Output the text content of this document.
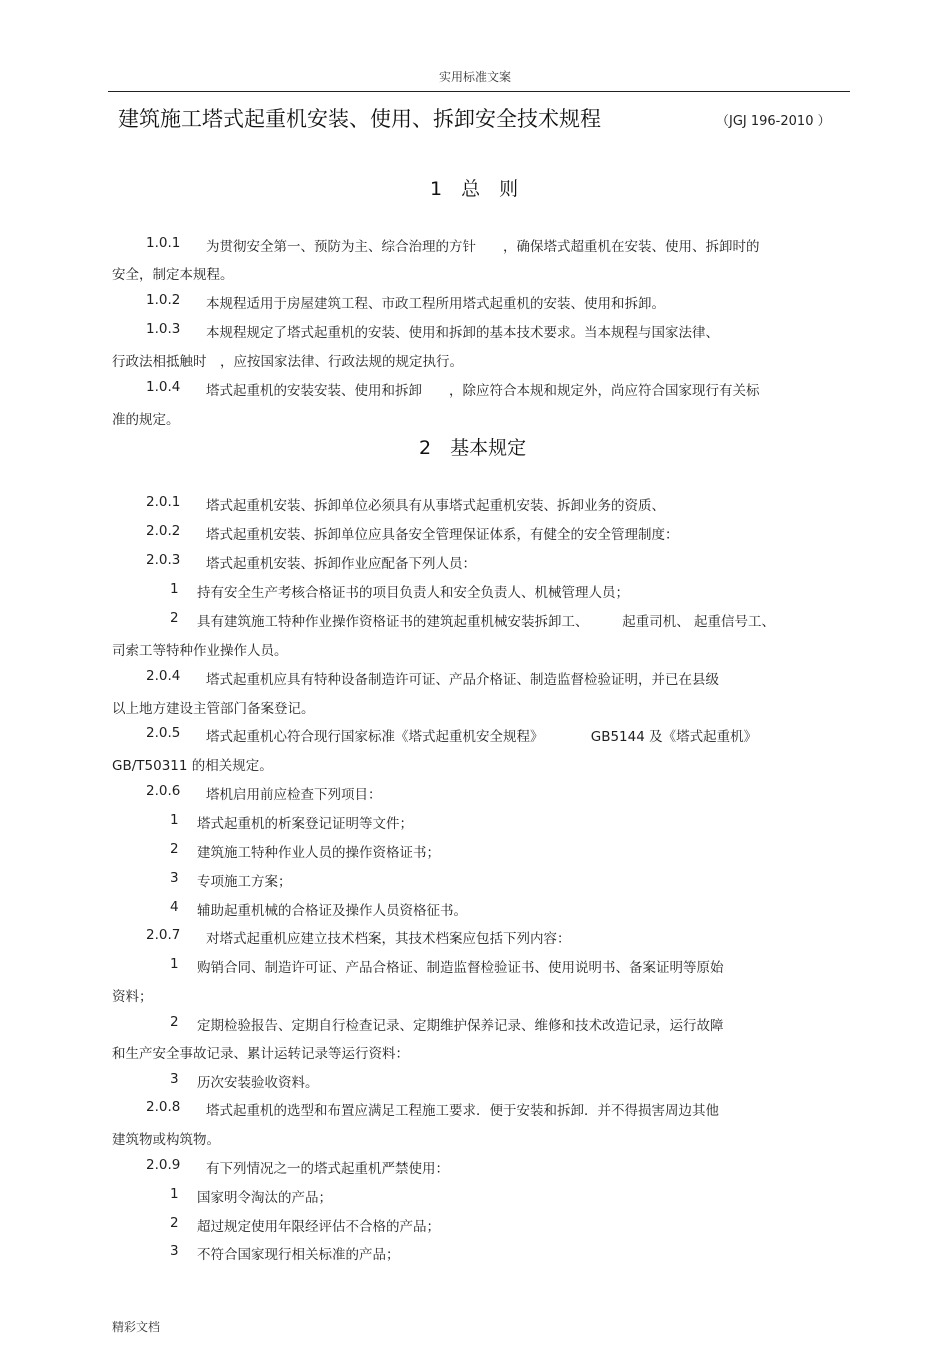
实用标准文案
建筑施工塔式起重机安装、使用、拆卸安全技术规程	（JGJ 196-2010 ）
1　总　则
2　基本规定
1.0.1 为贯彻安全第一、预防为主、综合治理的方针　　，确保塔式超重机在安装、使用、拆卸时的
安全，制定本规程。
1.0.2 本规程适用于房屋建筑工程、市政工程所用塔式起重机的安装、使用和拆卸。
1.0.3 本规程规定了塔式起重机的安装、使用和拆卸的基本技术要求。当本规程与国家法律、
行政法相抵触时　，应按国家法律、行政法规的规定执行。
1.0.4 塔式起重机的安装安装、使用和拆卸　　，除应符合本规和规定外，尚应符合国家现行有关标
准的规定。
2.0.1 塔式起重机安装、拆卸单位必须具有从事塔式起重机安装、拆卸业务的资质、
2.0.2 塔式起重机安装、拆卸单位应具备安全管理保证体系，有健全的安全管理制度：
2.0.3 塔式起重机安装、拆卸作业应配备下列人员：
1 持有安全生产考核合格证书的项目负责人和安全负责人、机械管理人员；
2 具有建筑施工特种作业操作资格证书的建筑起重机械安装拆卸工、　　　起重司机、 起重信号工、
司索工等特种作业操作人员。
2.0.4 塔式起重机应具有特种设备制造许可证、产品介格证、制造监督检验证明，并已在县级
以上地方建设主管部门备案登记。
2.0.5 塔式起重机心符合现行国家标准《塔式起重机安全规程》　　　　GB5144 及《塔式起重机》
GB/T50311 的相关规定。
2.0.6 塔机启用前应检查下列项目：
1 塔式起重机的析案登记证明等文件；
2 建筑施工特种作业人员的操作资格证书；
3 专项施工方案；
4 辅助起重机械的合格证及操作人员资格征书。
2.0.7 对塔式起重机应建立技术档案，其技术档案应包括下列内容：
1 购销合同、制造许可证、产品合格证、制造监督检验证书、使用说明书、备案证明等原始
资料；
2 定期检验报告、定期自行检查记录、定期维护保养记录、维修和技术改造记录，运行故障
和生产安全事故记录、累计运转记录等运行资料：
3 历次安装验收资料。
2.0.8 塔式起重机的选型和布置应满足工程施工要求．便于安装和拆卸．并不得损害周边其他
建筑物或构筑物。
2.0.9 有下列情况之一的塔式起重机严禁使用：
1 国家明令淘汰的产品；
2 超过规定使用年限经评估不合格的产品；
3 不符合国家现行相关标准的产品；
精彩文档
